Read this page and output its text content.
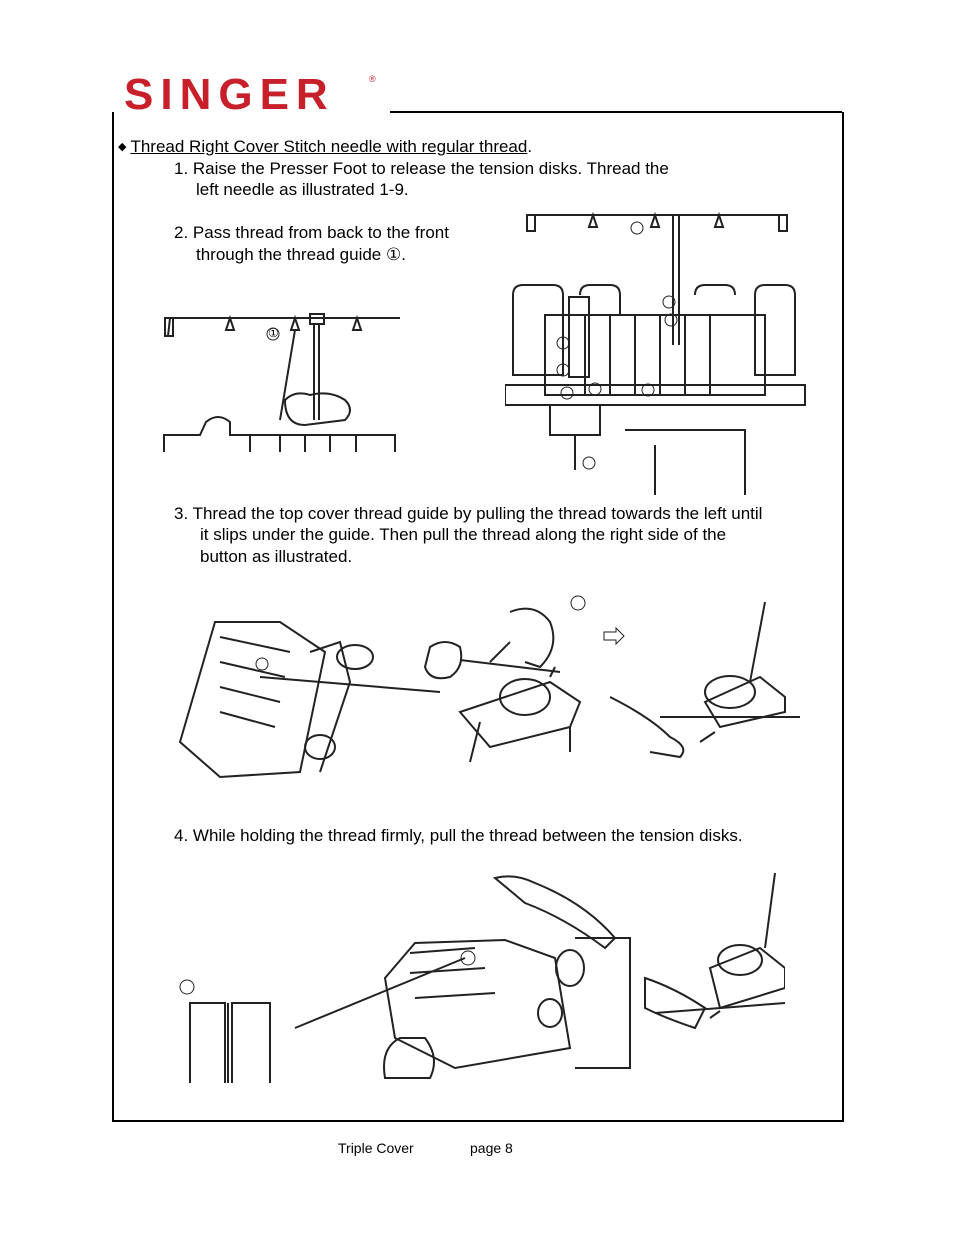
SINGER	®
◆ Thread Right Cover Stitch needle with regular thread.
1. Raise the Presser Foot to release the tension disks. Thread the
left needle as illustrated 1-9.
2. Pass thread from back to the front
through the thread guide ①.
①
3. Thread the top cover thread guide by pulling the thread towards the left until
it slips under the guide. Then pull the thread along the right side of the
button as illustrated.
4. While holding the thread firmly, pull the thread between the tension disks.
Triple Cover	page 8
